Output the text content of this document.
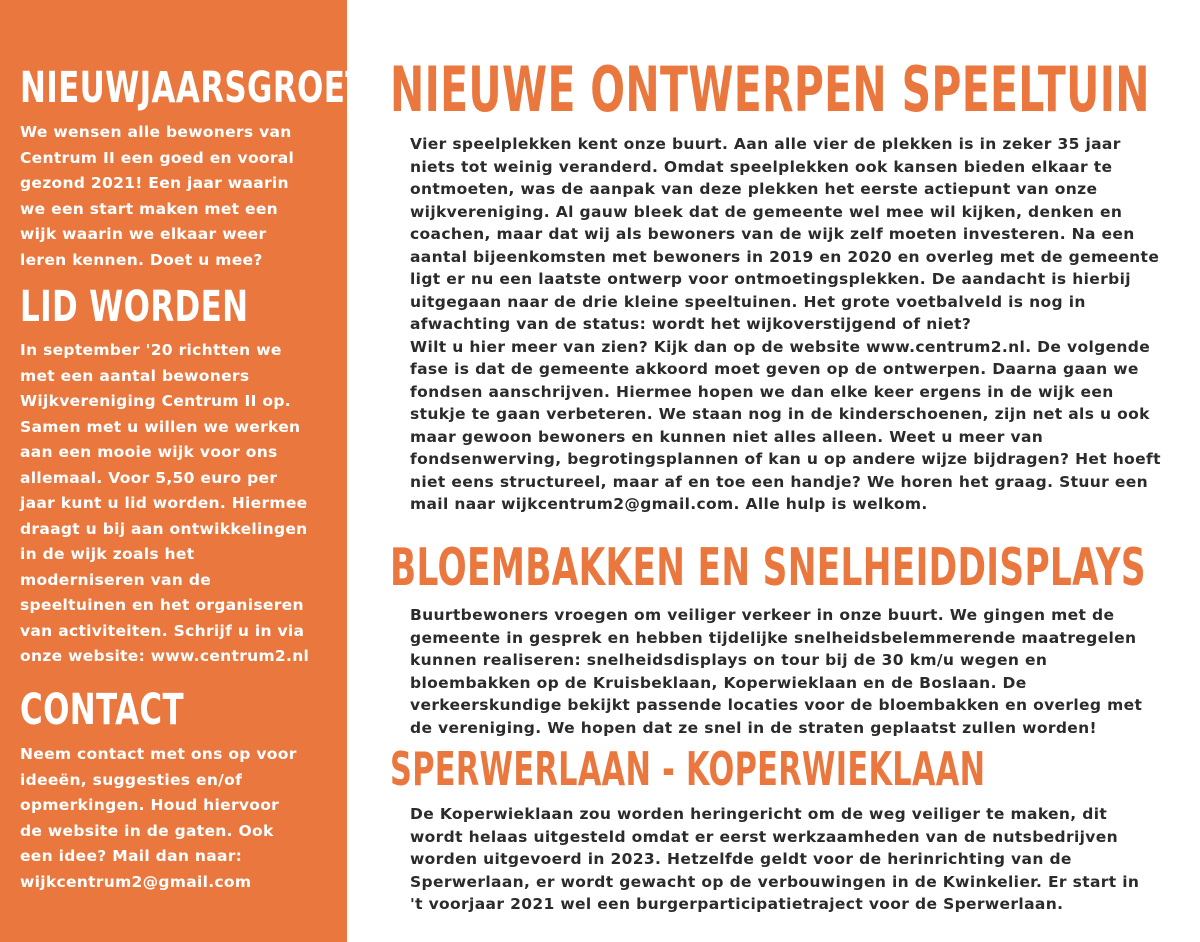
NIEUWJAARSGROET

We wensen alle bewoners van
Centrum II een goed en vooral
gezond 2021! Een jaar waarin
we een start maken met een
wijk waarin we elkaar weer
leren kennen. Doet u mee?

LID WORDEN

In september '20 richtten we
met een aantal bewoners
Wijkvereniging Centrum II op.
Samen met u willen we werken
aan een mooie wijk voor ons
allemaal. Voor 5,50 euro per
jaar kunt u lid worden. Hiermee
draagt u bij aan ontwikkelingen
in de wijk zoals het
moderniseren van de
speeltuinen en het organiseren
van activiteiten. Schrijf u in via
onze website: www.centrum2.nl

CONTACT

Neem contact met ons op voor
ideeën, suggesties en/of
opmerkingen. Houd hiervoor
de website in de gaten. Ook
een idee? Mail dan naar:
wijkcentrum2@gmail.com

NIEUWE ONTWERPEN SPEELTUIN

Vier speelplekken kent onze buurt. Aan alle vier de plekken is in zeker 35 jaar
niets tot weinig veranderd. Omdat speelplekken ook kansen bieden elkaar te
ontmoeten, was de aanpak van deze plekken het eerste actiepunt van onze
wijkvereniging. Al gauw bleek dat de gemeente wel mee wil kijken, denken en
coachen, maar dat wij als bewoners van de wijk zelf moeten investeren. Na een
aantal bijeenkomsten met bewoners in 2019 en 2020 en overleg met de gemeente
ligt er nu een laatste ontwerp voor ontmoetingsplekken. De aandacht is hierbij
uitgegaan naar de drie kleine speeltuinen. Het grote voetbalveld is nog in
afwachting van de status: wordt het wijkoverstijgend of niet?
Wilt u hier meer van zien? Kijk dan op de website www.centrum2.nl. De volgende
fase is dat de gemeente akkoord moet geven op de ontwerpen. Daarna gaan we
fondsen aanschrijven. Hiermee hopen we dan elke keer ergens in de wijk een
stukje te gaan verbeteren. We staan nog in de kinderschoenen, zijn net als u ook
maar gewoon bewoners en kunnen niet alles alleen. Weet u meer van
fondsenwerving, begrotingsplannen of kan u op andere wijze bijdragen? Het hoeft
niet eens structureel, maar af en toe een handje? We horen het graag. Stuur een
mail naar wijkcentrum2@gmail.com. Alle hulp is welkom.

BLOEMBAKKEN EN SNELHEIDDISPLAYS

Buurtbewoners vroegen om veiliger verkeer in onze buurt. We gingen met de
gemeente in gesprek en hebben tijdelijke snelheidsbelemmerende maatregelen
kunnen realiseren: snelheidsdisplays on tour bij de 30 km/u wegen en
bloembakken op de Kruisbeklaan, Koperwieklaan en de Boslaan. De
verkeerskundige bekijkt passende locaties voor de bloembakken en overleg met
de vereniging. We hopen dat ze snel in de straten geplaatst zullen worden!

SPERWERLAAN - KOPERWIEKLAAN

De Koperwieklaan zou worden heringericht om de weg veiliger te maken, dit
wordt helaas uitgesteld omdat er eerst werkzaamheden van de nutsbedrijven
worden uitgevoerd in 2023. Hetzelfde geldt voor de herinrichting van de
Sperwerlaan, er wordt gewacht op de verbouwingen in de Kwinkelier. Er start in
't voorjaar 2021 wel een burgerparticipatietraject voor de Sperwerlaan.
